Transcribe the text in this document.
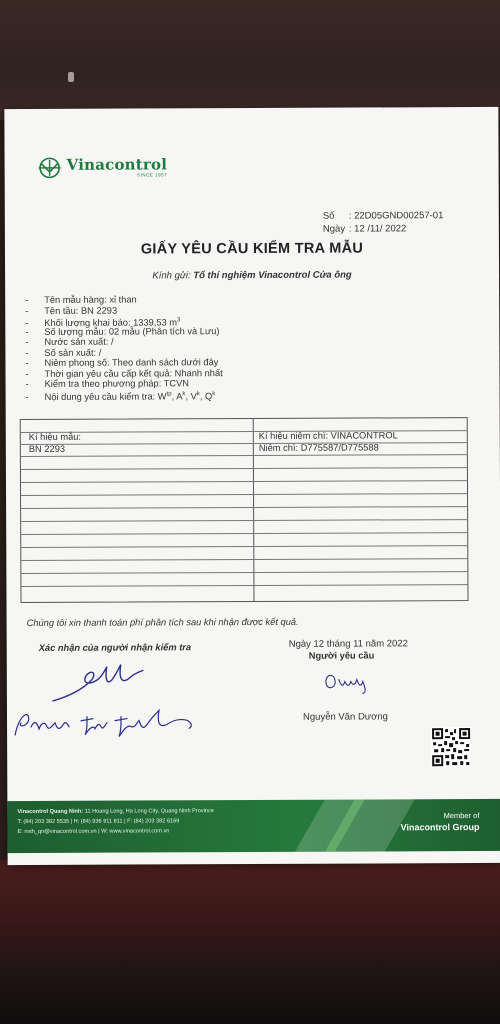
Vinacontrol
SINCE 1957
Số : 22D05GND00257-01
Ngày : 12 /11/ 2022
GIẤY YÊU CẦU KIỂM TRA MẪU
Kính gửi: Tổ thí nghiệm Vinacontrol Cửa ông
- Tên mẫu hàng: xỉ than
- Tên tầu: BN 2293
- Khối lượng khai báo: 1339,53 $m^3$
- Số lượng mẫu: 02 mẫu (Phân tích và Lưu)
- Nước sản xuất: /
- Số sản xuất: /
- Niêm phong số: Theo danh sách dưới đây
- Thời gian yêu cầu cấp kết quả: Nhanh nhất
- Kiểm tra theo phương pháp: TCVN
- Nội dung yêu cầu kiểm tra: $W^{tp}$, $A^k$, $V^k$, $Q^k$
Kí hiệu mẫu:	Kí hiệu niêm chì: VINACONTROL
BN 2293	Niêm chì: D775587/D775588
Chúng tôi xin thanh toán phí phân tích sau khi nhận được kết quả.
Xác nhận của người nhận kiểm tra	Ngày 12 tháng 11 năm 2022
Người yêu cầu
Nguyễn Văn Dương
Vinacontrol Quang Ninh: 11 Hoang Long, Ha Long City, Quang Ninh Province
T: (84) 203 382 5535 | H: (84) 936 911 811 | F: (84) 203 382 6169
E: nvth_qn@vinacontrol.com.vn | W: www.vinacontrol.com.vn
Member of
Vinacontrol Group
